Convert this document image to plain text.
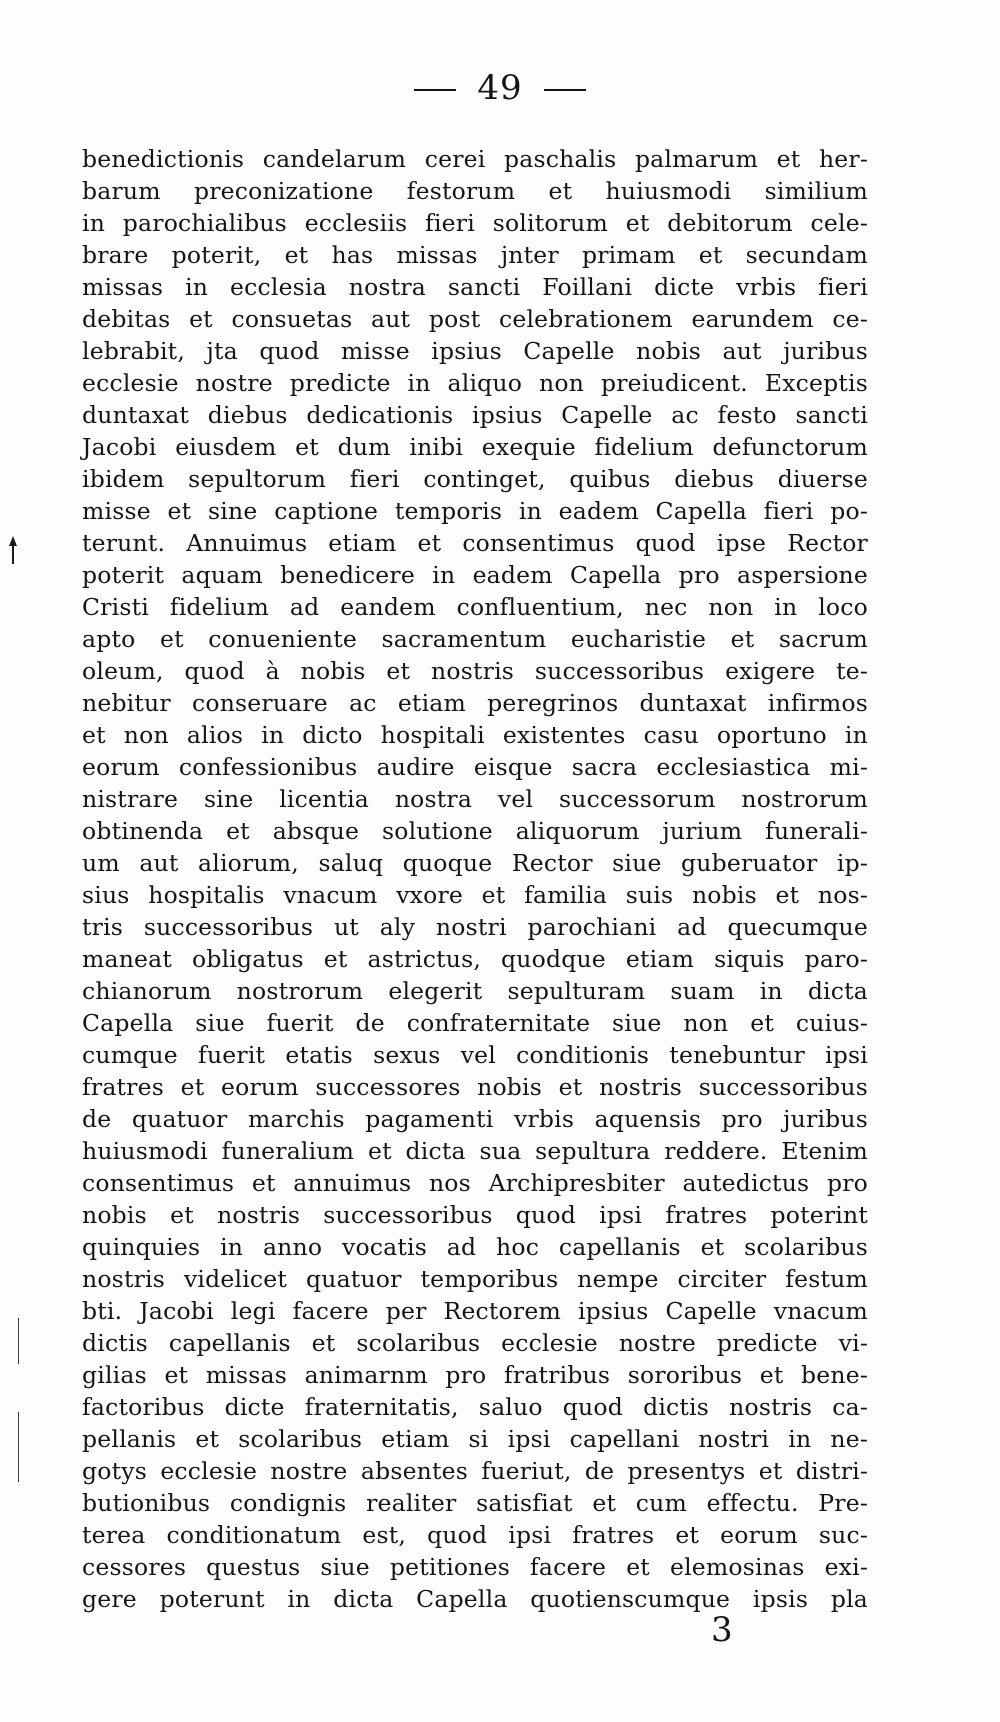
49
benedictionis candelarum cerei paschalis palmarum et her-
barum preconizatione festorum et huiusmodi similium
in parochialibus ecclesiis fieri solitorum et debitorum cele-
brare poterit, et has missas jnter primam et secundam
missas in ecclesia nostra sancti Foillani dicte vrbis fieri
debitas et consuetas aut post celebrationem earundem ce-
lebrabit, jta quod misse ipsius Capelle nobis aut juribus
ecclesie nostre predicte in aliquo non preiudicent. Exceptis
duntaxat diebus dedicationis ipsius Capelle ac festo sancti
Jacobi eiusdem et dum inibi exequie fidelium defunctorum
ibidem sepultorum fieri continget, quibus diebus diuerse
misse et sine captione temporis in eadem Capella fieri po-
terunt. Annuimus etiam et consentimus quod ipse Rector
poterit aquam benedicere in eadem Capella pro aspersione
Cristi fidelium ad eandem confluentium, nec non in loco
apto et conueniente sacramentum eucharistie et sacrum
oleum, quod à nobis et nostris successoribus exigere te-
nebitur conseruare ac etiam peregrinos duntaxat infirmos
et non alios in dicto hospitali existentes casu oportuno in
eorum confessionibus audire eisque sacra ecclesiastica mi-
nistrare sine licentia nostra vel successorum nostrorum
obtinenda et absque solutione aliquorum jurium funerali-
um aut aliorum, saluq quoque Rector siue guberuator ip-
sius hospitalis vnacum vxore et familia suis nobis et nos-
tris successoribus ut aly nostri parochiani ad quecumque
maneat obligatus et astrictus, quodque etiam siquis paro-
chianorum nostrorum elegerit sepulturam suam in dicta
Capella siue fuerit de confraternitate siue non et cuius-
cumque fuerit etatis sexus vel conditionis tenebuntur ipsi
fratres et eorum successores nobis et nostris successoribus
de quatuor marchis pagamenti vrbis aquensis pro juribus
huiusmodi funeralium et dicta sua sepultura reddere. Etenim
consentimus et annuimus nos Archipresbiter autedictus pro
nobis et nostris successoribus quod ipsi fratres poterint
quinquies in anno vocatis ad hoc capellanis et scolaribus
nostris videlicet quatuor temporibus nempe circiter festum
bti. Jacobi legi facere per Rectorem ipsius Capelle vnacum
dictis capellanis et scolaribus ecclesie nostre predicte vi-
gilias et missas animarnm pro fratribus sororibus et bene-
factoribus dicte fraternitatis, saluo quod dictis nostris ca-
pellanis et scolaribus etiam si ipsi capellani nostri in ne-
gotys ecclesie nostre absentes fueriut, de presentys et distri-
butionibus condignis realiter satisfiat et cum effectu. Pre-
terea conditionatum est, quod ipsi fratres et eorum suc-
cessores questus siue petitiones facere et elemosinas exi-
gere poterunt in dicta Capella quotienscumque ipsis pla
3
